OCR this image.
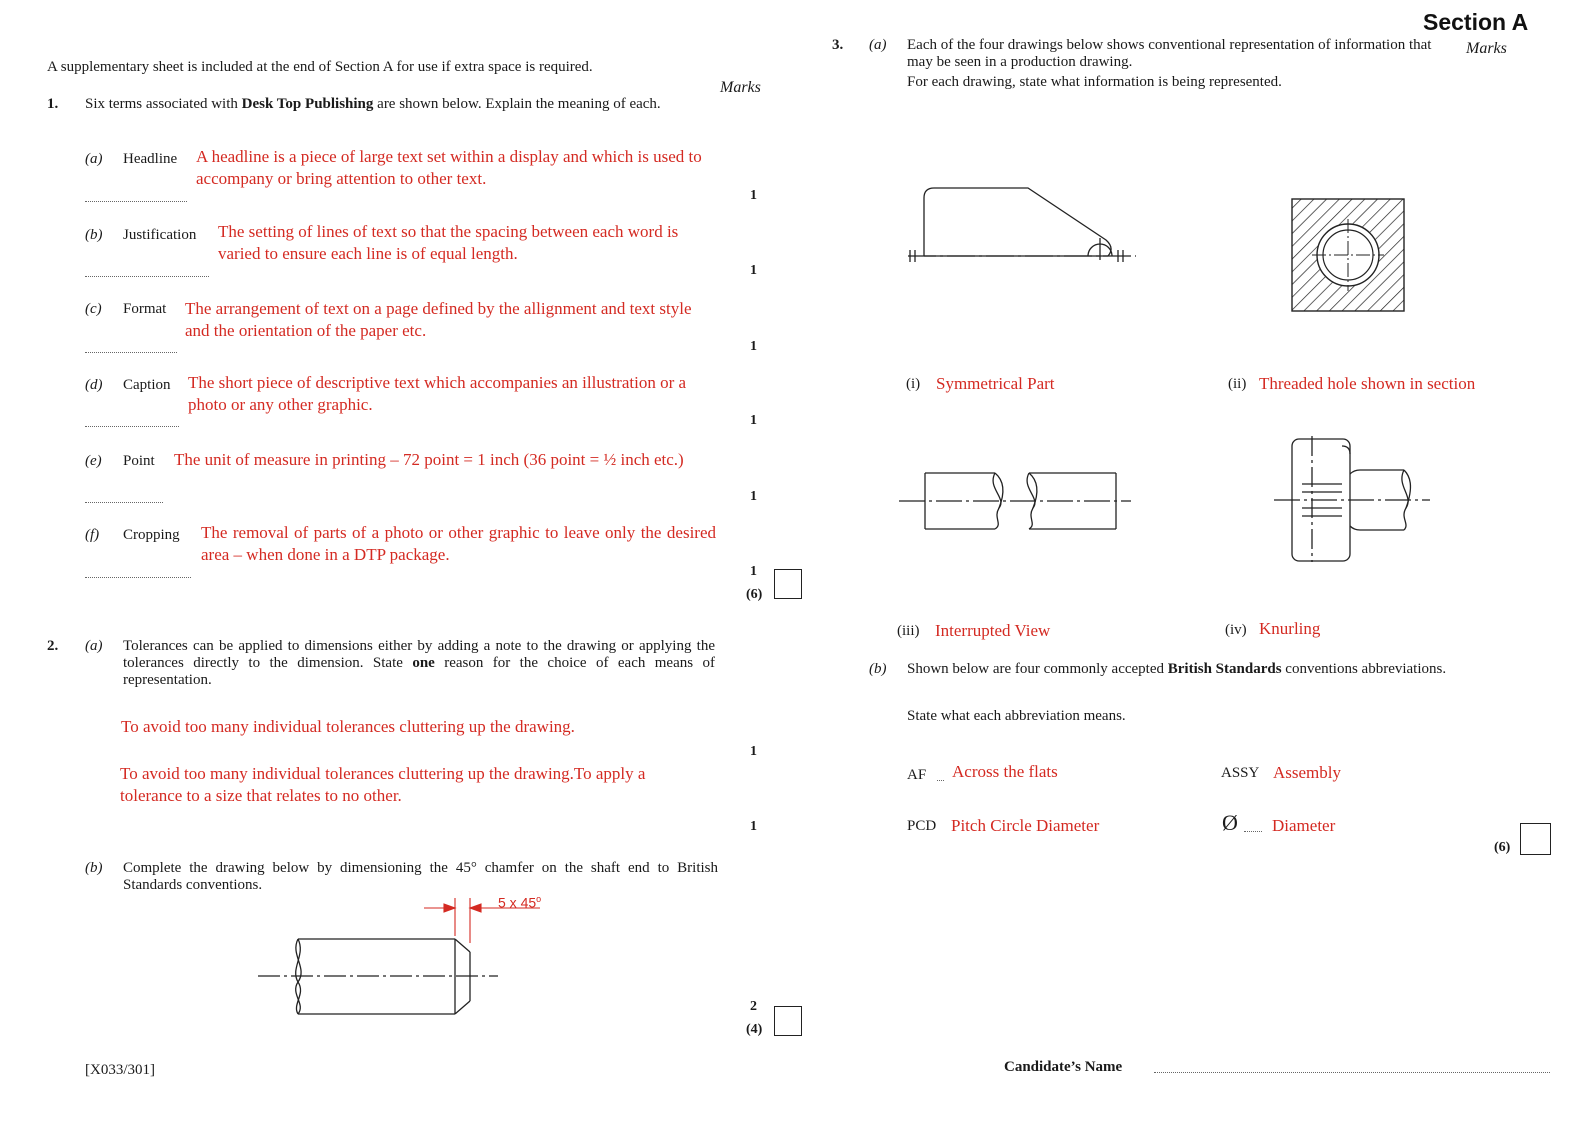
A supplementary sheet is included at the end of Section A for use if extra space is required.
Marks
1. Six terms associated with Desk Top Publishing are shown below. Explain the meaning of each.
(a) Headline A headline is a piece of large text set within a display and which is used to accompany or bring attention to other text.
1
(b) Justification The setting of lines of text so that the spacing between each word is varied to ensure each line is of equal length.
1
(c) Format The arrangement of text on a page defined by the allignment and text style and the orientation of the paper etc.
1
(d) Caption The short piece of descriptive text which accompanies an illustration or a photo or any other graphic.
1
(e) Point The unit of measure in printing – 72 point = 1 inch (36 point = ½ inch etc.)
1
(f) Cropping The removal of parts of a photo or other graphic to leave only the desired area – when done in a DTP package.
1
(6)
2. (a) Tolerances can be applied to dimensions either by adding a note to the drawing or applying the tolerances directly to the dimension. State one reason for the choice of each means of representation.
To avoid too many individual tolerances cluttering up the drawing.
1
To avoid too many individual tolerances cluttering up the drawing.To apply a tolerance to a size that relates to no other.
1
(b) Complete the drawing below by dimensioning the 45° chamfer on the shaft end to British Standards conventions.
5 x 45$^o$
2
(4)
[X033/301]
Section A
3. (a) Each of the four drawings below shows conventional representation of information that may be seen in a production drawing.
Marks
For each drawing, state what information is being represented.
(i) Symmetrical Part	(ii) Threaded hole shown in section
(iii) Interrupted View	(iv) Knurling
(b) Shown below are four commonly accepted British Standards conventions abbreviations.
State what each abbreviation means.
AF Across the flats	ASSY Assembly
PCD Pitch Circle Diameter	Ø Diameter
(6)
Candidate’s Name
